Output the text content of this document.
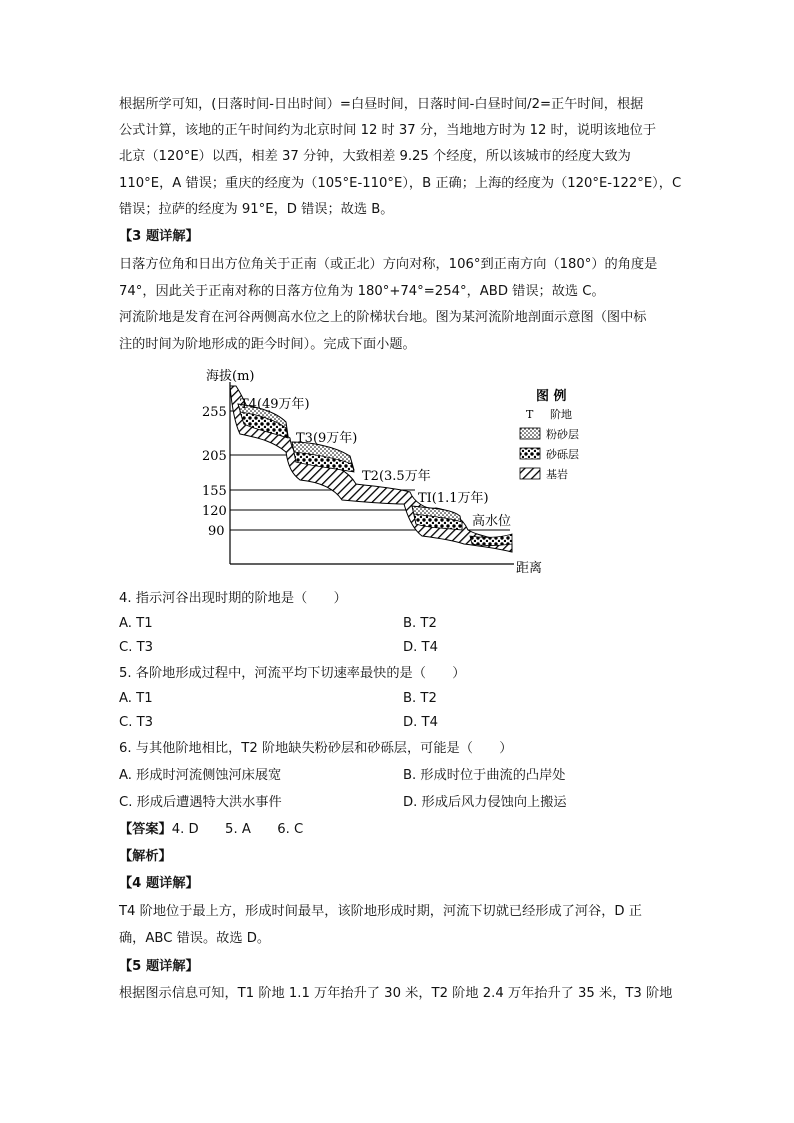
根据所学可知，(日落时间-日出时间）=白昼时间，日落时间-白昼时间/2=正午时间，根据
公式计算，该地的正午时间约为北京时间 12 时 37 分，当地地方时为 12 时，说明该地位于
北京（120°E）以西，相差 37 分钟，大致相差 9.25 个经度，所以该城市的经度大致为
110°E，A 错误；重庆的经度为（105°E-110°E），B 正确；上海的经度为（120°E-122°E），C
错误；拉萨的经度为 91°E，D 错误；故选 B。
【3 题详解】
日落方位角和日出方位角关于正南（或正北）方向对称，106°到正南方向（180°）的角度是
74°，因此关于正南对称的日落方位角为 180°+74°=254°，ABD 错误；故选 C。
河流阶地是发育在河谷两侧高水位之上的阶梯状台地。图为某河流阶地剖面示意图（图中标
注的时间为阶地形成的距今时间）。完成下面小题。
海拔(m)
距离
255
205
155
120
90
T4(49万年)
T3(9万年)
T2(3.5万年
TI(1.1万年)
高水位
图 例
T 阶地
粉砂层
砂砾层
基岩
4. 指示河谷出现时期的阶地是（　　）
A. T1	B. T2
C. T3	D. T4
5. 各阶地形成过程中，河流平均下切速率最快的是（　　）
A. T1	B. T2
C. T3	D. T4
6. 与其他阶地相比，T2 阶地缺失粉砂层和砂砾层，可能是（　　）
A. 形成时河流侧蚀河床展宽	B. 形成时位于曲流的凸岸处
C. 形成后遭遇特大洪水事件	D. 形成后风力侵蚀向上搬运
【答案】4. D　　5. A　　6. C
【解析】
【4 题详解】
T4 阶地位于最上方，形成时间最早，该阶地形成时期，河流下切就已经形成了河谷，D 正
确，ABC 错误。故选 D。
【5 题详解】
根据图示信息可知，T1 阶地 1.1 万年抬升了 30 米，T2 阶地 2.4 万年抬升了 35 米，T3 阶地
